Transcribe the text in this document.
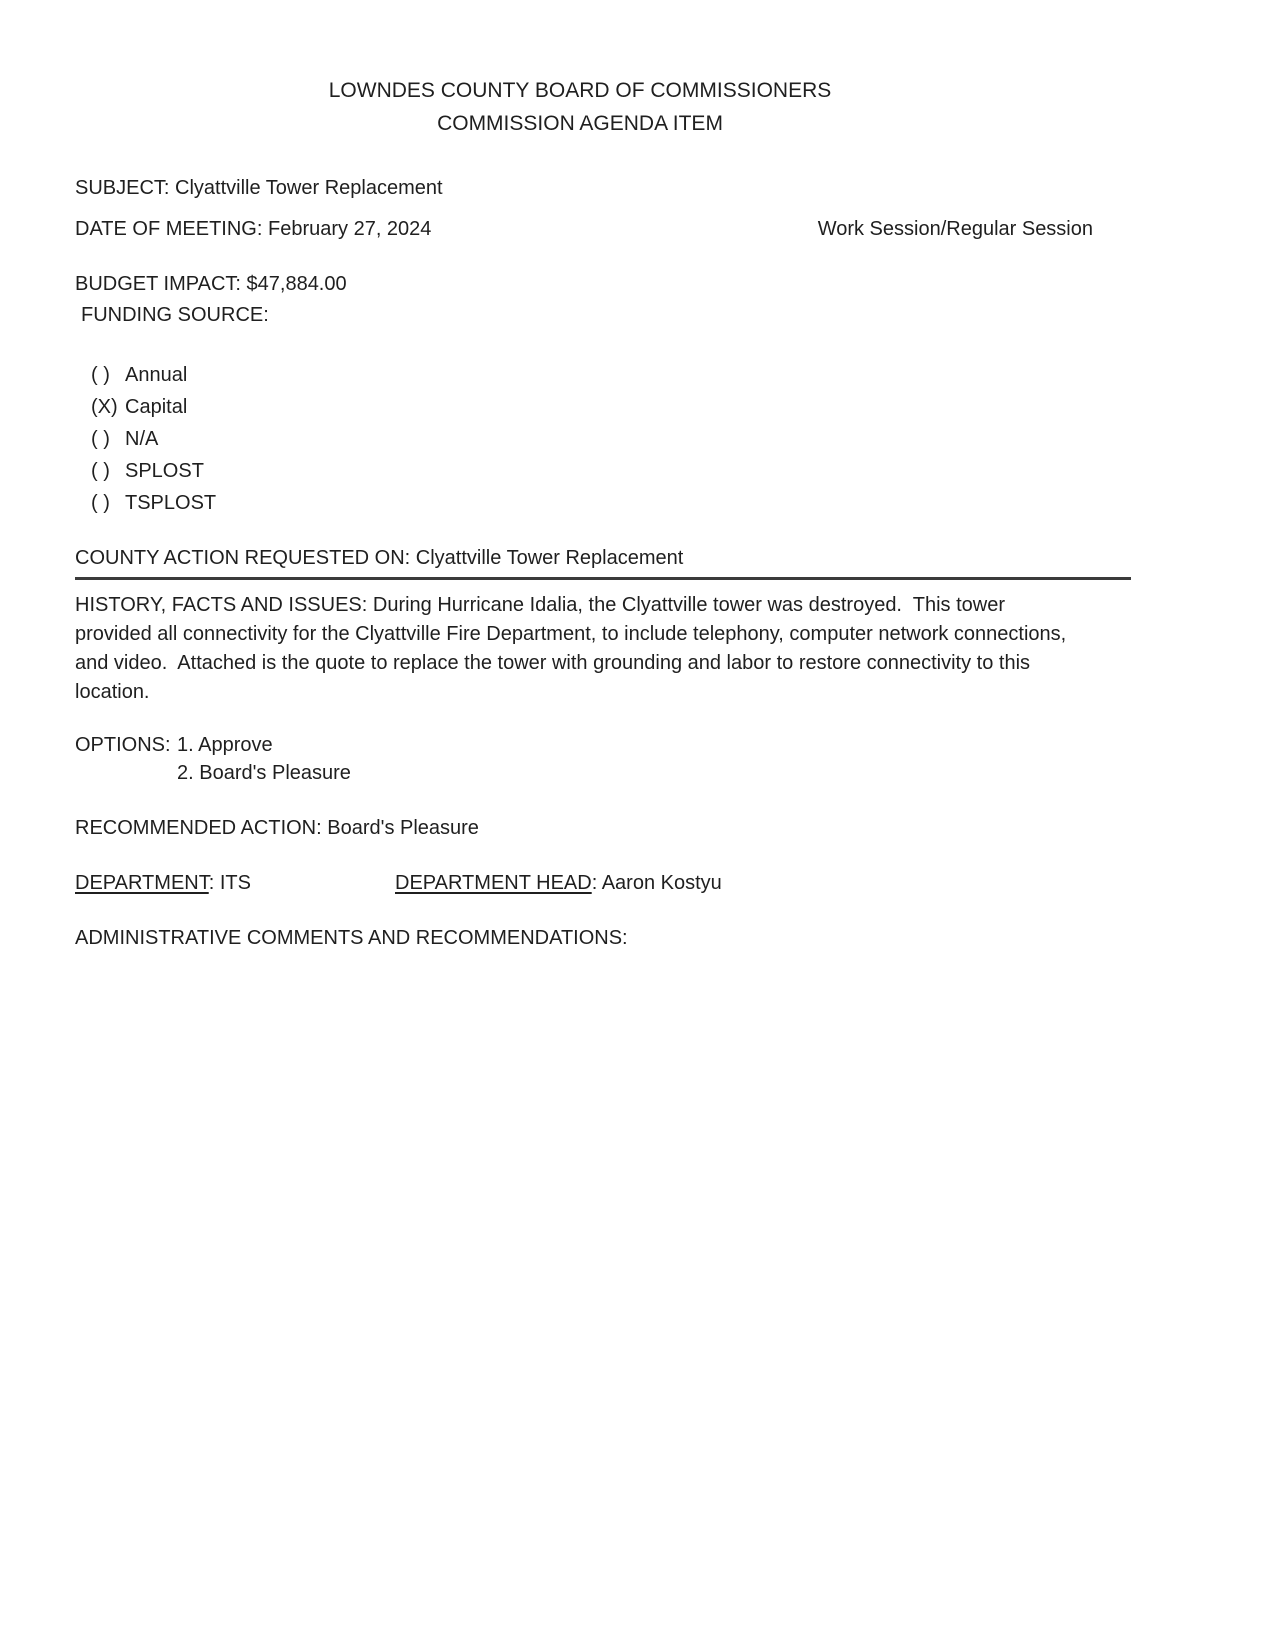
LOWNDES COUNTY BOARD OF COMMISSIONERS
COMMISSION AGENDA ITEM
SUBJECT: Clyattville Tower Replacement
DATE OF MEETING: February 27, 2024	Work Session/Regular Session
BUDGET IMPACT: $47,884.00
FUNDING SOURCE:
( ) Annual
(X) Capital
( ) N/A
( ) SPLOST
( ) TSPLOST
COUNTY ACTION REQUESTED ON: Clyattville Tower Replacement
HISTORY, FACTS AND ISSUES: During Hurricane Idalia, the Clyattville tower was destroyed.  This tower provided all connectivity for the Clyattville Fire Department, to include telephony, computer network connections, and video.  Attached is the quote to replace the tower with grounding and labor to restore connectivity to this location.
OPTIONS: 1. Approve
2. Board's Pleasure
RECOMMENDED ACTION: Board's Pleasure
DEPARTMENT: ITS	DEPARTMENT HEAD: Aaron Kostyu
ADMINISTRATIVE COMMENTS AND RECOMMENDATIONS:
